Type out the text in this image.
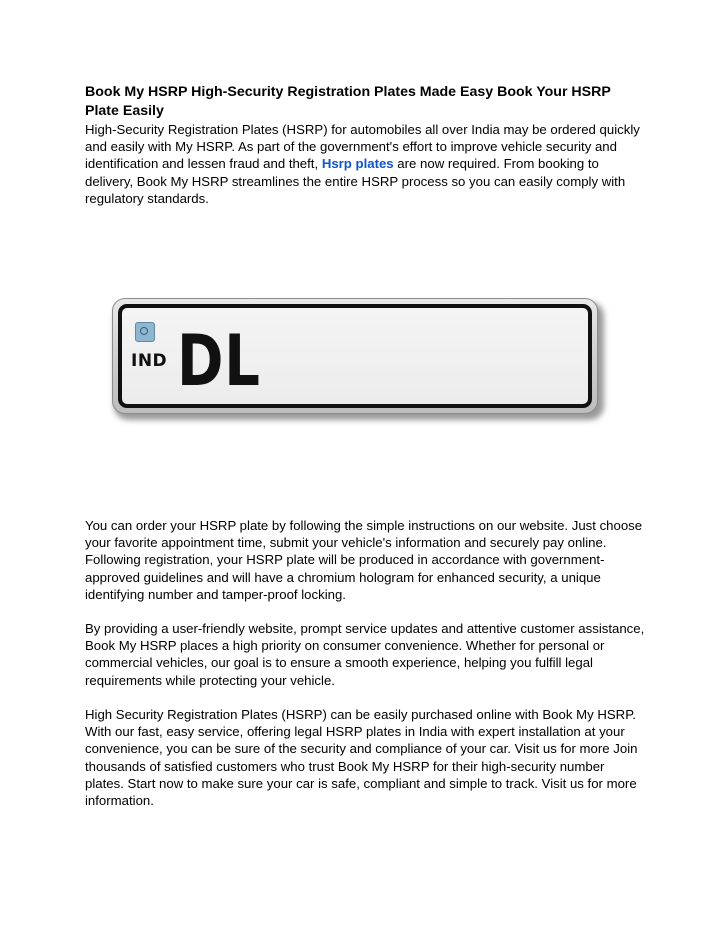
Book My HSRP High-Security Registration Plates Made Easy Book Your HSRP Plate Easily

High-Security Registration Plates (HSRP) for automobiles all over India may be ordered quickly and easily with My HSRP. As part of the government's effort to improve vehicle security and identification and lessen fraud and theft, Hsrp plates are now required. From booking to delivery, Book My HSRP streamlines the entire HSRP process so you can easily comply with regulatory standards.

IND DL

You can order your HSRP plate by following the simple instructions on our website. Just choose your favorite appointment time, submit your vehicle's information and securely pay online. Following registration, your HSRP plate will be produced in accordance with government-approved guidelines and will have a chromium hologram for enhanced security, a unique identifying number and tamper-proof locking.

By providing a user-friendly website, prompt service updates and attentive customer assistance, Book My HSRP places a high priority on consumer convenience. Whether for personal or commercial vehicles, our goal is to ensure a smooth experience, helping you fulfill legal requirements while protecting your vehicle.

High Security Registration Plates (HSRP) can be easily purchased online with Book My HSRP. With our fast, easy service, offering legal HSRP plates in India with expert installation at your convenience, you can be sure of the security and compliance of your car. Visit us for more Join thousands of satisfied customers who trust Book My HSRP for their high-security number plates. Start now to make sure your car is safe, compliant and simple to track. Visit us for more information.
